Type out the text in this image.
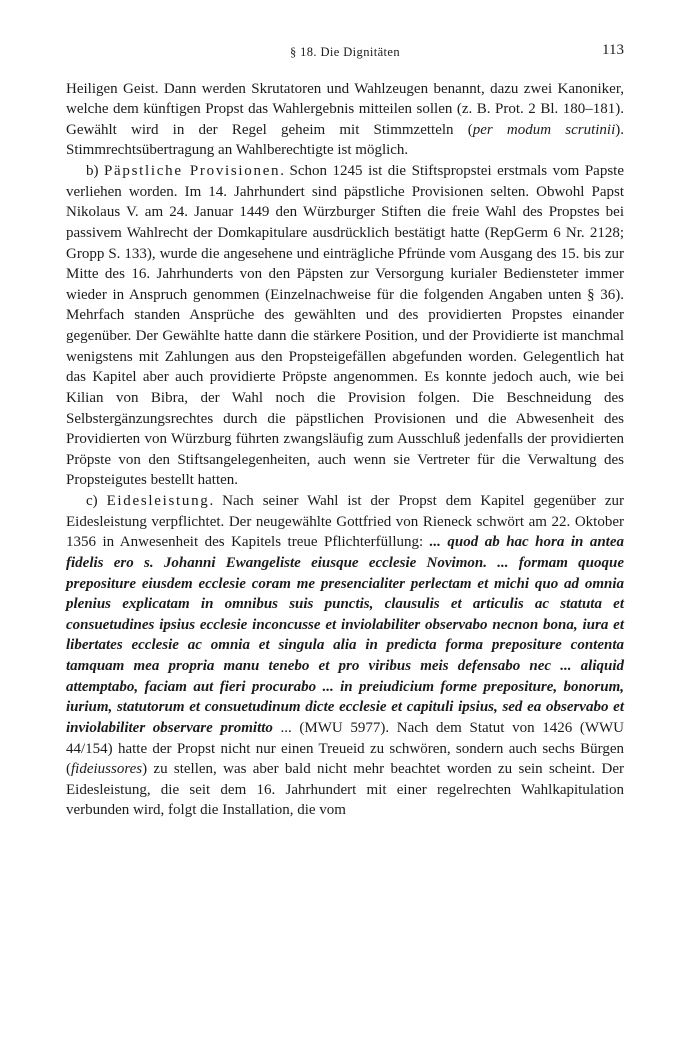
§ 18. Die Dignitäten	113

Heiligen Geist. Dann werden Skrutatoren und Wahlzeugen benannt, dazu zwei Kanoniker, welche dem künftigen Propst das Wahlergebnis mitteilen sollen (z. B. Prot. 2 Bl. 180–181). Gewählt wird in der Regel geheim mit Stimmzetteln (per modum scrutinii). Stimmrechtsübertragung an Wahlberechtigte ist möglich.

b) Päpstliche Provisionen. Schon 1245 ist die Stiftspropstei erstmals vom Papste verliehen worden. Im 14. Jahrhundert sind päpstliche Provisionen selten. Obwohl Papst Nikolaus V. am 24. Januar 1449 den Würzburger Stiften die freie Wahl des Propstes bei passivem Wahlrecht der Domkapitulare ausdrücklich bestätigt hatte (RepGerm 6 Nr. 2128; Gropp S. 133), wurde die angesehene und einträgliche Pfründe vom Ausgang des 15. bis zur Mitte des 16. Jahrhunderts von den Päpsten zur Versorgung kurialer Bediensteter immer wieder in Anspruch genommen (Einzelnachweise für die folgenden Angaben unten § 36). Mehrfach standen Ansprüche des gewählten und des providierten Propstes einander gegenüber. Der Gewählte hatte dann die stärkere Position, und der Providierte ist manchmal wenigstens mit Zahlungen aus den Propsteigefällen abgefunden worden. Gelegentlich hat das Kapitel aber auch providierte Pröpste angenommen. Es konnte jedoch auch, wie bei Kilian von Bibra, der Wahl noch die Provision folgen. Die Beschneidung des Selbstergänzungsrechtes durch die päpstlichen Provisionen und die Abwesenheit des Providierten von Würzburg führten zwangsläufig zum Ausschluß jedenfalls der providierten Pröpste von den Stiftsangelegenheiten, auch wenn sie Vertreter für die Verwaltung des Propsteigutes bestellt hatten.

c) Eidesleistung. Nach seiner Wahl ist der Propst dem Kapitel gegenüber zur Eidesleistung verpflichtet. Der neugewählte Gottfried von Rieneck schwört am 22. Oktober 1356 in Anwesenheit des Kapitels treue Pflichterfüllung: ... quod ab hac hora in antea fidelis ero s. Johanni Ewangeliste eiusque ecclesie Novimon. ... formam quoque prepositure eiusdem ecclesie coram me presencialiter perlectam et michi quo ad omnia plenius explicatam in omnibus suis punctis, clausulis et articulis ac statuta et consuetudines ipsius ecclesie inconcusse et inviolabiliter observabo necnon bona, iura et libertates ecclesie ac omnia et singula alia in predicta forma prepositure contenta tamquam mea propria manu tenebo et pro viribus meis defensabo nec ... aliquid attemptabo, faciam aut fieri procurabo ... in preiudicium forme prepositure, bonorum, iurium, statutorum et consuetudinum dicte ecclesie et capituli ipsius, sed ea observabo et inviolabiliter observare promitto ... (MWU 5977). Nach dem Statut von 1426 (WWU 44/154) hatte der Propst nicht nur einen Treueid zu schwören, sondern auch sechs Bürgen (fideiussores) zu stellen, was aber bald nicht mehr beachtet worden zu sein scheint. Der Eidesleistung, die seit dem 16. Jahrhundert mit einer regelrechten Wahlkapitulation verbunden wird, folgt die Installation, die vom
